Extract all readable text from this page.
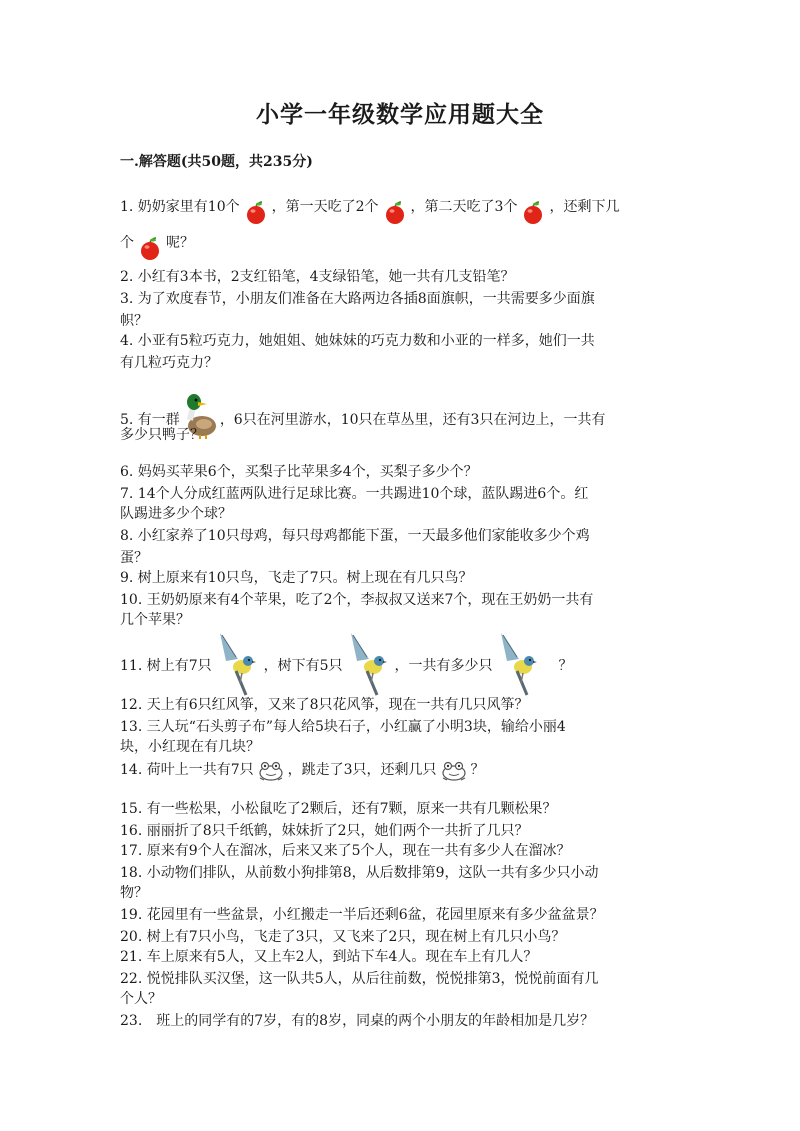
小学一年级数学应用题大全
一.解答题(共50题，共235分)
1. 奶奶家里有10个 ，第一天吃了2个 ，第二天吃了3个 ，还剩下几
个 呢？
2. 小红有3本书，2支红铅笔，4支绿铅笔，她一共有几支铅笔？
3. 为了欢度春节，小朋友们准备在大路两边各插8面旗帜，一共需要多少面旗
帜？
4. 小亚有5粒巧克力，她姐姐、她妹妹的巧克力数和小亚的一样多，她们一共
有几粒巧克力？
5. 有一群	，6只在河里游水，10只在草丛里，还有3只在河边上，一共有
多少只鸭子？
6. 妈妈买苹果6个，买梨子比苹果多4个，买梨子多少个？
7. 14个人分成红蓝两队进行足球比赛。一共踢进10个球，蓝队踢进6个。红
队踢进多少个球？
8. 小红家养了10只母鸡，每只母鸡都能下蛋，一天最多他们家能收多少个鸡
蛋？
9. 树上原来有10只鸟，飞走了7只。树上现在有几只鸟？
10. 王奶奶原来有4个苹果，吃了2个，李叔叔又送来7个，现在王奶奶一共有
几个苹果？
11. 树上有7只	，树下有5只	，一共有多少只	？
12. 天上有6只红风筝，又来了8只花风筝，现在一共有几只风筝？
13. 三人玩“石头剪子布”每人给5块石子，小红赢了小明3块，输给小丽4
块，小红现在有几块？
14. 荷叶上一共有7只 ，跳走了3只，还剩几只 ？
15. 有一些松果，小松鼠吃了2颗后，还有7颗，原来一共有几颗松果？
16. 丽丽折了8只千纸鹤，妹妹折了2只，她们两个一共折了几只？
17. 原来有9个人在溜冰，后来又来了5个人，现在一共有多少人在溜冰？
18. 小动物们排队，从前数小狗排第8，从后数排第9，这队一共有多少只小动
物？
19. 花园里有一些盆景，小红搬走一半后还剩6盆，花园里原来有多少盆盆景？
20. 树上有7只小鸟，飞走了3只，又飞来了2只，现在树上有几只小鸟？
21. 车上原来有5人，又上车2人，到站下车4人。现在车上有几人？
22. 悦悦排队买汉堡，这一队共5人，从后往前数，悦悦排第3，悦悦前面有几
个人？
23.　班上的同学有的7岁，有的8岁，同桌的两个小朋友的年龄相加是几岁？
